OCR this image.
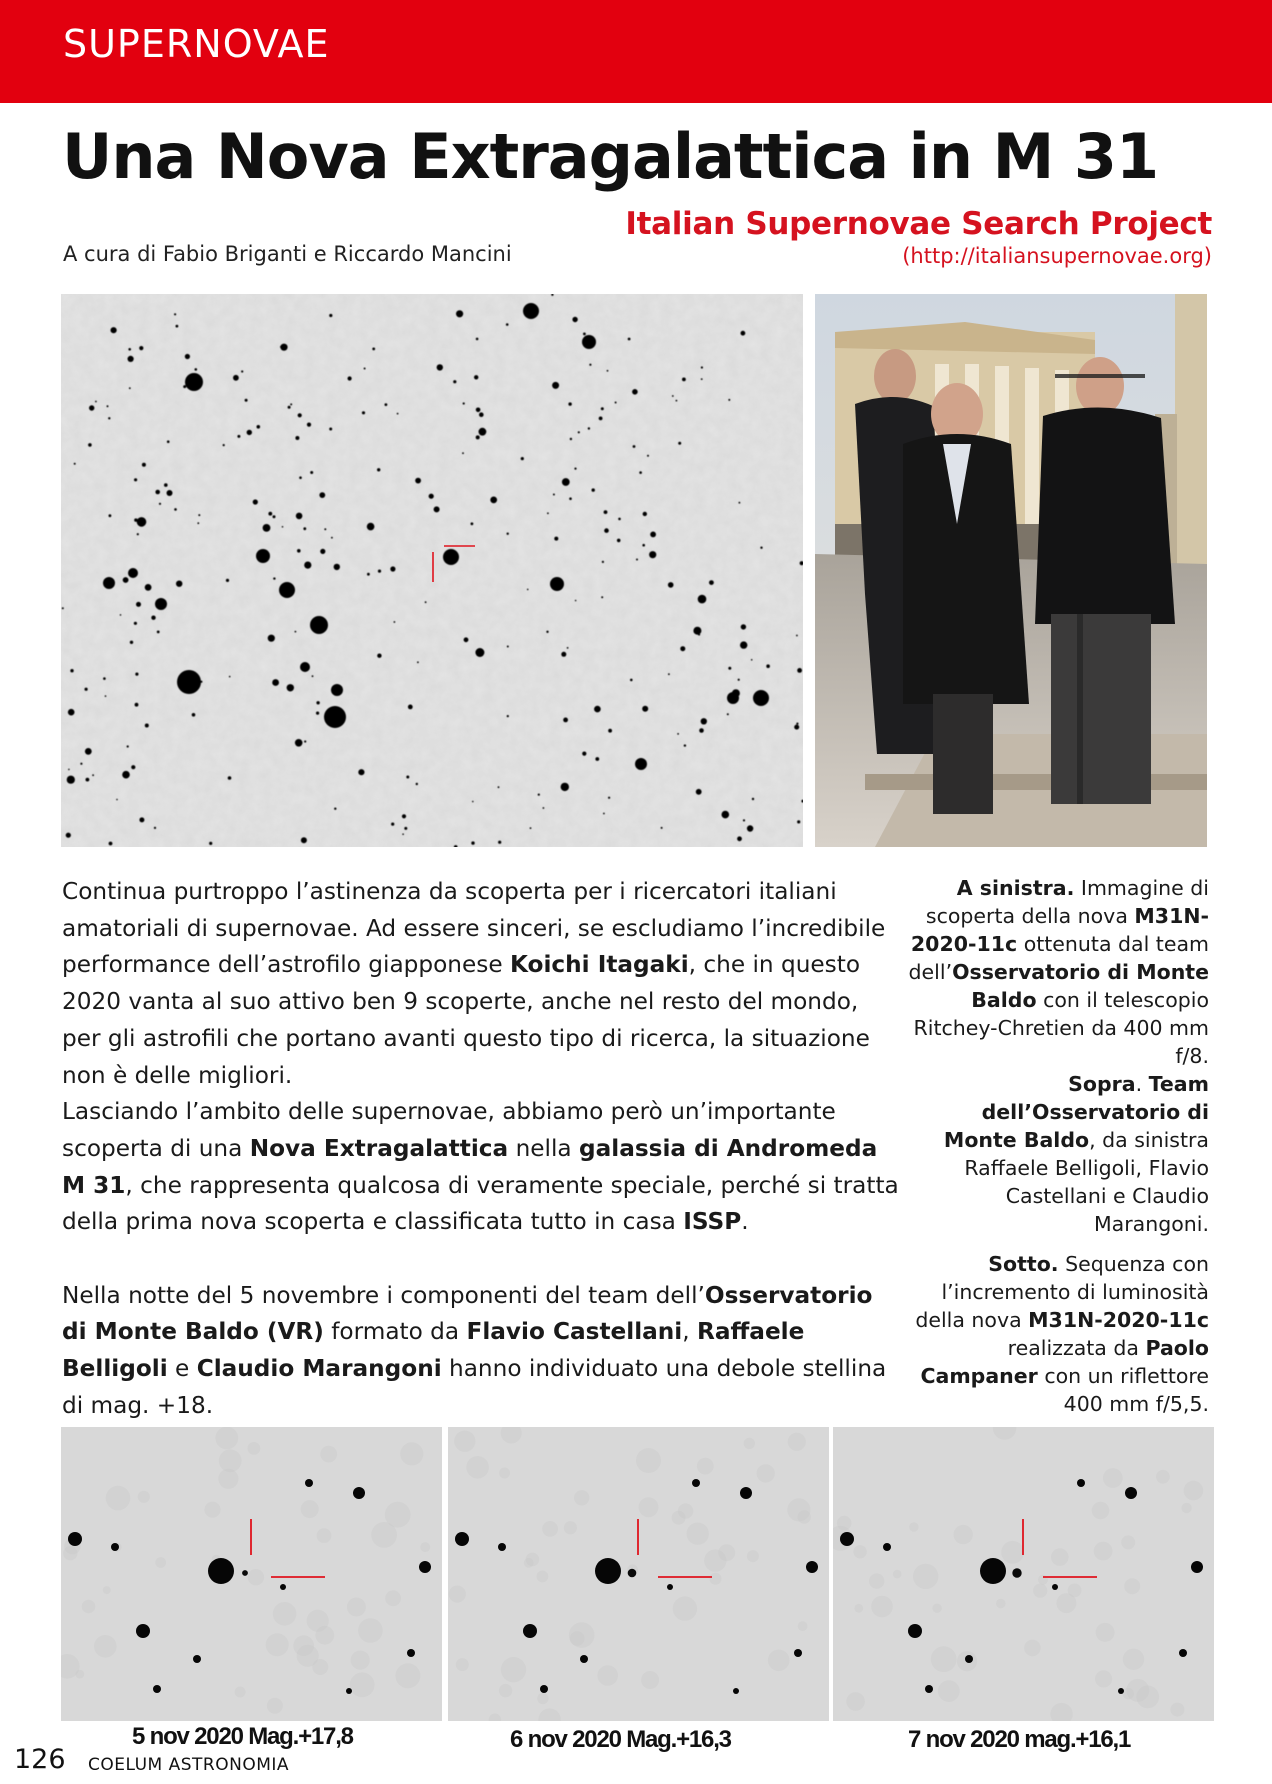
SUPERNOVAE
Una Nova Extragalattica in M 31
Italian Supernovae Search Project
(http://italiansupernovae.org)
A cura di Fabio Briganti e Riccardo Mancini

Continua purtroppo l’astinenza da scoperta per i ricercatori italiani amatoriali di supernovae. Ad essere sinceri, se escludiamo l’incredibile performance dell’astrofilo giapponese Koichi Itagaki, che in questo 2020 vanta al suo attivo ben 9 scoperte, anche nel resto del mondo, per gli astrofili che portano avanti questo tipo di ricerca, la situazione non è delle migliori.

Lasciando l’ambito delle supernovae, abbiamo però un’importante scoperta di una Nova Extragalattica nella galassia di Andromeda M 31, che rappresenta qualcosa di veramente speciale, perché si tratta della prima nova scoperta e classificata tutto in casa ISSP.

Nella notte del 5 novembre i componenti del team dell’Osservatorio di Monte Baldo (VR) formato da Flavio Castellani, Raffaele Belligoli e Claudio Marangoni hanno individuato una debole stellina di mag. +18.

A sinistra. Immagine di scoperta della nova M31N-2020-11c ottenuta dal team dell’Osservatorio di Monte Baldo con il telescopio Ritchey-Chretien da 400 mm f/8.
Sopra. Team dell’Osservatorio di Monte Baldo, da sinistra Raffaele Belligoli, Flavio Castellani e Claudio Marangoni.
Sotto. Sequenza con l’incremento di luminosità della nova M31N-2020-11c realizzata da Paolo Campaner con un riflettore 400 mm f/5,5.
5 nov 2020 Mag.+17,8	6 nov 2020 Mag.+16,3	7 nov 2020 mag.+16,1
126 COELUM ASTRONOMIA
